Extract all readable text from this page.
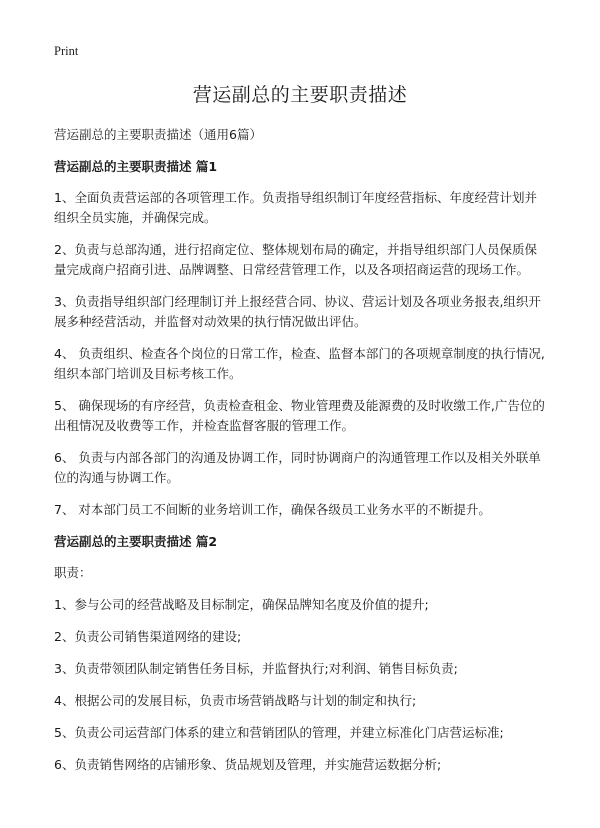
Print
营运副总的主要职责描述
营运副总的主要职责描述（通用6篇）
营运副总的主要职责描述 篇1

1、全面负责营运部的各项管理工作。负责指导组织制订年度经营指标、年度经营计划并组织全员实施，并确保完成。

2、负责与总部沟通，进行招商定位、整体规划布局的确定，并指导组织部门人员保质保量完成商户招商引进、品牌调整、日常经营管理工作，以及各项招商运营的现场工作。

3、负责指导组织部门经理制订并上报经营合同、协议、营运计划及各项业务报表,组织开展多种经营活动，并监督对动效果的执行情况做出评估。

4、 负责组织、检查各个岗位的日常工作，检查、监督本部门的各项规章制度的执行情况,组织本部门培训及目标考核工作。

5、 确保现场的有序经营，负责检查租金、物业管理费及能源费的及时收缴工作,广告位的出租情况及收费等工作，并检查监督客服的管理工作。

6、 负责与内部各部门的沟通及协调工作，同时协调商户的沟通管理工作以及相关外联单位的沟通与协调工作。

7、 对本部门员工不间断的业务培训工作，确保各级员工业务水平的不断提升。

营运副总的主要职责描述 篇2

职责：

1、参与公司的经营战略及目标制定，确保品牌知名度及价值的提升;

2、负责公司销售渠道网络的建设;

3、负责带领团队制定销售任务目标，并监督执行;对利润、销售目标负责;

4、根据公司的发展目标，负责市场营销战略与计划的制定和执行;

5、负责公司运营部门体系的建立和营销团队的管理，并建立标准化门店营运标准;

6、负责销售网络的店铺形象、货品规划及管理，并实施营运数据分析;
